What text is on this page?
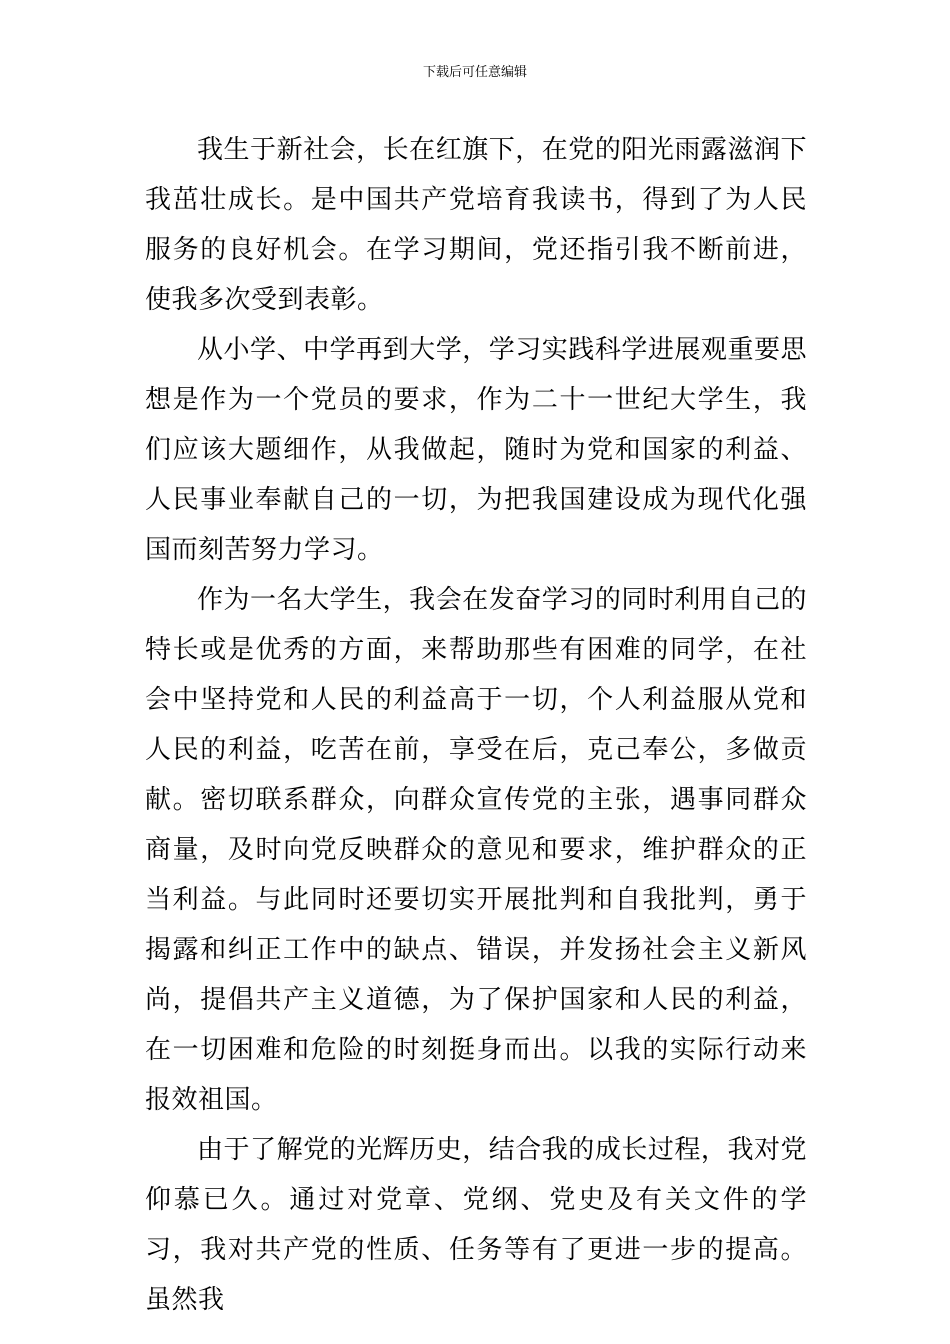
下载后可任意编辑

我生于新社会，长在红旗下，在党的阳光雨露滋润下我茁壮成长。是中国共产党培育我读书，得到了为人民服务的良好机会。在学习期间，党还指引我不断前进，使我多次受到表彰。

从小学、中学再到大学，学习实践科学进展观重要思想是作为一个党员的要求，作为二十一世纪大学生，我们应该大题细作，从我做起，随时为党和国家的利益、人民事业奉献自己的一切，为把我国建设成为现代化强国而刻苦努力学习。

作为一名大学生，我会在发奋学习的同时利用自己的特长或是优秀的方面，来帮助那些有困难的同学，在社会中坚持党和人民的利益高于一切，个人利益服从党和人民的利益，吃苦在前，享受在后，克己奉公，多做贡献。密切联系群众，向群众宣传党的主张，遇事同群众商量，及时向党反映群众的意见和要求，维护群众的正当利益。与此同时还要切实开展批判和自我批判，勇于揭露和纠正工作中的缺点、错误，并发扬社会主义新风尚，提倡共产主义道德，为了保护国家和人民的利益，在一切困难和危险的时刻挺身而出。以我的实际行动来报效祖国。

由于了解党的光辉历史，结合我的成长过程，我对党仰慕已久。通过对党章、党纲、党史及有关文件的学习，我对共产党的性质、任务等有了更进一步的提高。虽然我
